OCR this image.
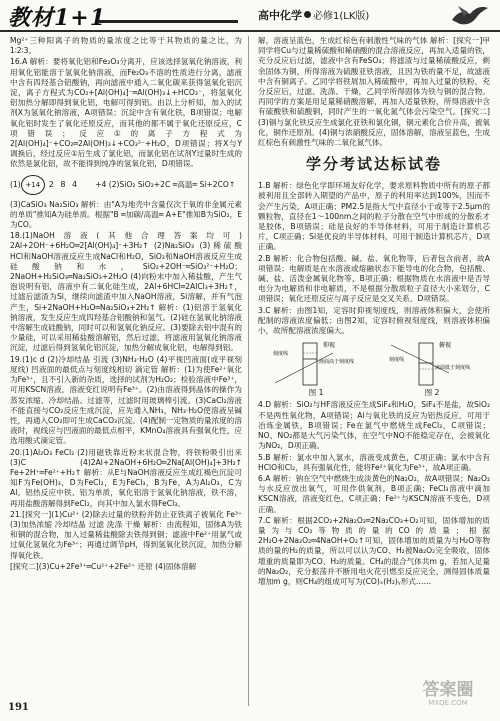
教材1+1	高中化学 必修1(LK版)

Mg²⁺三种阳离子的物质的量浓度之比等于其物质的量之比，为1∶2∶3。

16.A 解析：要将氧化铝和Fe₂O₃分离开，应该选择氢氧化钠溶液，利用氧化铝能溶于氢氧化钠溶液，而Fe₂O₃不溶的性质进行分离，滤液中含有四羟基合铝酸钠，再向滤液中通入二氧化碳来获得氢氧化铝沉淀，离子方程式为CO₂+[Al(OH)₄]⁻═Al(OH)₃↓+HCO₃⁻，将氢氧化铝加热分解即得到氧化铝，电解可得到铝。由以上分析知，加入的试剂X为氢氧化钠溶液，A项错误；沉淀中含有氧化铁，B项错误；电解氧化铝时发生了氧化还原反应，而其他的都不属于氧化还原反应，C项错误；反应①的离子方程式为2[Al(OH)₄]⁻+CO₂═2Al(OH)₃↓+CO₃²⁻+H₂O，D项错误；将X与Y调换后，经过反应①后生成了氯化铝，而氯化铝在试剂Y过量时生成的依然是氯化铝，故不能得到纯净的氢氧化铝，D项错误。

(1) +14	2 8 4 +4 (2)SiO₂ SiO₂+2C ═高温═ Si+2CO↑

(3)CaSiO₃ Na₂SiO₃ 解析：由"A为地壳中含量仅次于氧的非金属元素的单质"推知A为硅单质。根据"B ═加碳/高温═ A+E"推知B为SiO₂，E为CO。

18.(1)NaOH溶液(其他合理答案均可) 2Al+2OH⁻+6H₂O═2[Al(OH)₄]⁻+3H₂↑ (2)Na₂SiO₃ (3)稀硫酸 HCl和NaOH溶液反应生成NaCl和H₂O，SiO₂和NaOH溶液反应生成硅酸钠和水，SiO₂+2OH⁻═SiO₃²⁻+H₂O；2NaOH+H₂SiO₃═Na₂SiO₃+2H₂O (4)向粉末中加入稀盐酸，产生气泡说明有铝，溶液中有二氧化硅生成，2Al+6HCl═2AlCl₃+3H₂↑，过滤后滤渣为Si，继续向滤渣中加入NaOH溶液，Si溶解，并有气泡产生，Si+2NaOH+H₂O═Na₂SiO₃+2H₂↑ 解析：(1)铝溶于氢氧化钠溶液，发生反应生成四羟基合铝酸钠和氢气。(2)硅在氢氧化钠溶液中溶解生成硅酸钠，同时可以和氢氧化钠反应。(3)要除去铝中混有的少量硅，可以采用稀盐酸溶解铝，然后过滤，将滤液用氢氧化钠溶液沉淀，过滤后得到氢氧化铝沉淀，加热分解成氧化铝，电解得到铝。

19.(1)c d (2)冷却结晶 引流 (3)NH₃·H₂O (4)平视凹液面(或平视刻度线) 凹液面的最低点与刻度线相切 滴定管 解析：(1)为使Fe²⁺氧化为Fe³⁺，且不引入新的杂质，选择的试剂为H₂O₂；检验溶液中Fe³⁺，可用KSCN溶液，溶液变红说明有Fe³⁺。(2)由溶液得到晶体的操作为蒸发浓缩、冷却结晶、过滤等，过滤时用玻璃棒引流。(3)CaCl₂溶液不能直接与CO₂反应生成沉淀，应先通入NH₃，NH₃·H₂O使溶液呈碱性，再通入CO₂即可生成CaCO₃沉淀。(4)配制一定物质的量浓度的溶液时，视线应与凹液面的最低点相平，KMnO₄溶液具有强氧化性，应选用酸式滴定管。

20.(1)Al₂O₃ FeCl₂ (2)用磁铁靠近粉末状混合物，将铁粉吸引出来 (3)C (4)2Al+2NaOH+6H₂O═2Na[Al(OH)₄]+3H₂↑ Fe+2H⁺═Fe²⁺+H₂↑ 解析：从E与NaOH溶液反应生成红褐色沉淀可知F为Fe(OH)₃，D为FeCl₂，E为FeCl₃，B为Fe，A为Al₂O₃，C为Al。铝热反应中铁、铝为单质，氧化铝溶于氢氧化钠溶液，铁不溶，再用盐酸溶解得到FeCl₂，向其中加入氯水得FeCl₃。

21.[探究一](1)Cu²⁺ (2)除去过量的铁粉并防止亚铁离子被氧化 Fe³⁺ (3)加热浓缩 冷却结晶 过滤 洗涤 干燥 解析：由流程知，固体A为铁和铜的混合物，加入过量稀盐酸除去铁得到铜；滤液中Fe²⁺用氯气或过氧化氢氧化为Fe³⁺；再通过调节pH，得到氢氧化铁沉淀，加热分解得氧化铁。

[探究二](3)Cu+2Fe³⁺═Cu²⁺+2Fe²⁺ 还原 (4)固体溶解

解，溶液呈蓝色，生成红棕色有刺激性气味的气体 解析：[探究一]甲同学将Cu与过量稀硫酸和稀硝酸的混合溶液反应，再加入适量的铁，充分反应后过滤，滤液中含有FeSO₄；将滤渣与过量稀硫酸反应，剩余固体为铜，所得溶液为硫酸亚铁溶液，且因为铁的量不足，故滤液中含有铜离子。乙同学将铁屑加入稀硫酸中，再加入过量的铁粉，充分反应后，过滤、洗涤、干燥，乙同学所得固体为铁与铜的混合物。丙同学的方案是用足量稀硝酸溶解，再加入适量铁粉，所得溶液中含有硫酸铁和硫酸铜，同时产生的一氧化氮气体会污染空气。[探究二](3)铜与氯化铁反应生成氯化亚铁和氯化铜，铜元素化合价升高，被氧化，铜作还原剂。(4)铜与浓硝酸反应，固体溶解，溶液呈蓝色，生成红棕色有刺激性气味的二氧化氮气体。

学分考试达标试卷

1.B 解析：绿色化学即环境友好化学，要求原料物质中所有的原子都被利用且全部转入期望的产品中，原子的利用率达到100%，因而不会产生污染，A项正确；PM2.5是指大气中直径小于或等于2.5μm的颗粒物，直径在1～100nm之间的粒子分散在空气中形成的分散系才是胶体，B项错误；硅是良好的半导体材料，可用于制造计算机芯片，C项正确；Si是优良的半导体材料，可用于制造计算机芯片，D项正确。

2.B 解析：化合物包括酸、碱、盐、氧化物等，后者包含前者，故A项错误；电解质是在水溶液或熔融状态下能导电的化合物，包括酸、碱、盐、活泼金属氧化物等，B项正确；根据物质在水溶液中是否导电分为电解质和非电解质，不是根据分散质粒子直径大小来划分，C项错误；氧化还原反应与离子反应是交叉关系，D项错误。

3.C 解析：由图1知，定容时仰视刻度线，则溶液体积偏大，会使所配制的溶液浓度偏低；由图2知，定容时俯视刻度线，则溶液体积偏小，故所配溶液浓度偏大。

仰视
液面高于刻度线
刻度线
图 1
俯视
液面低于刻度线
刻度线
图 2

4.D 解析：SiO₂与HF溶液反应生成SiF₄和H₂O，SiF₄不是盐，故SiO₂不是两性氧化物，A项错误；Al与氧化铁的反应为铝热反应，可用于冶炼金属铁，B项错误；Fe在氯气中燃烧生成FeCl₃，C项错误；NO、NO₂都是大气污染气体，在空气中NO不能稳定存在，会被氧化为NO₂，D项正确。

5.B 解析：氯水中加入氯水，溶液变成黄色，C项正确；氯水中含有HClO和Cl₂，具有强氧化性，能将Fe²⁺氧化为Fe³⁺，故A项正确。

6.A 解析：钠在空气中燃烧生成淡黄色的Na₂O₂，故A项错误；Na₂O₂与水反应放出氧气，可用作供氧剂，B项正确；FeCl₃溶液中滴加KSCN溶液，溶液变红色，C项正确；Fe²⁺与KSCN溶液不变色，D项正确。

7.C 解析：根据2CO₂+2Na₂O₂═2Na₂CO₃+O₂可知，固体增加的质量为与CO₂等物质的量的CO的质量；根据2H₂O+2Na₂O₂═4NaOH+O₂↑可知，固体增加的质量为与H₂O等物质的量的H₂的质量，所以可以认为CO、H₂被Na₂O₂完全吸收，固体增重的质量即为CO、H₂的质量。CH₄的混合气体共m g，若加入足量的Na₂O₂，充分振荡并不断用电火花引燃至反应完全，测得固体质量增加m g，则CH₄的组成可写为(CO)ₓ(H₂)ᵧ形式……

191
答案圈
MXQE.COM
